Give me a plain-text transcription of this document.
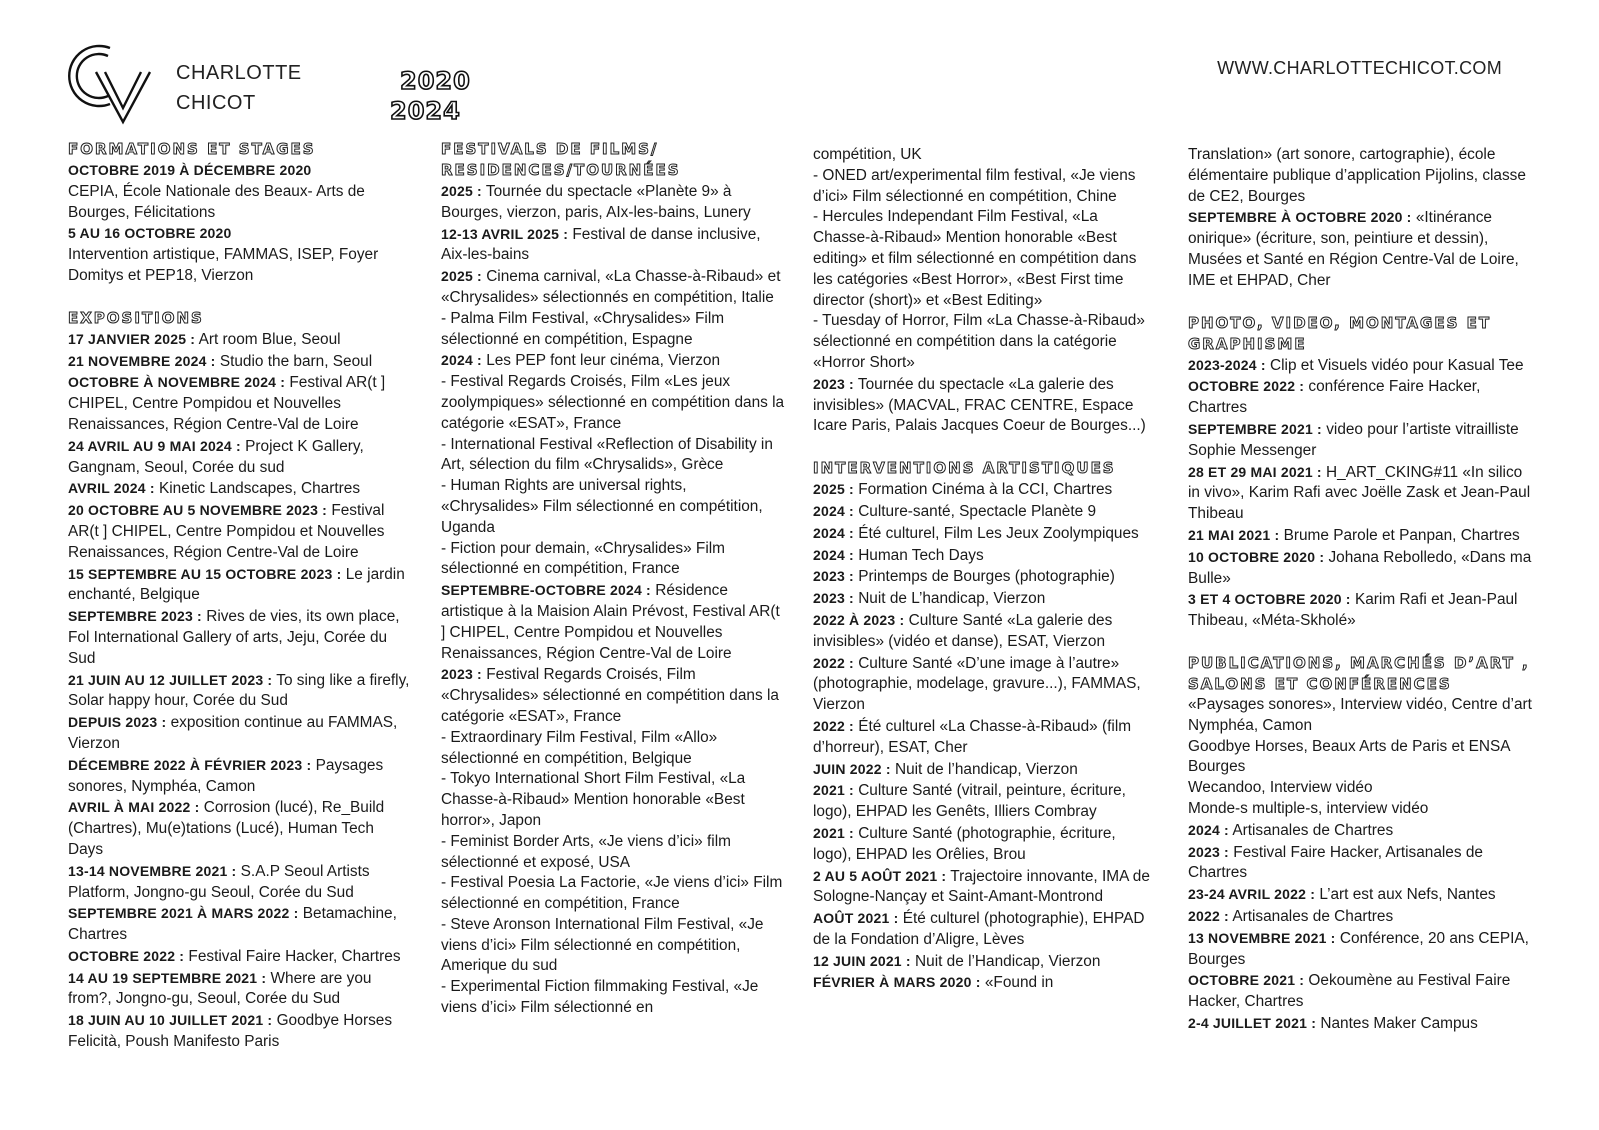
CHARLOTTE
CHICOT
2020
2024
WWW.CHARLOTTECHICOT.COM

FORMATIONS ET STAGES

OCTOBRE 2019 À DÉCEMBRE 2020

CEPIA, École Nationale des Beaux- Arts de Bourges, Félicitations

5 AU 16 OCTOBRE 2020

Intervention artistique, FAMMAS, ISEP, Foyer Domitys et PEP18, Vierzon

EXPOSITIONS

17 JANVIER 2025 : Art room Blue, Seoul

21 NOVEMBRE 2024 : Studio the barn, Seoul

OCTOBRE À NOVEMBRE 2024 : Festival AR(t ] CHIPEL, Centre Pompidou et Nouvelles Renaissances, Région Centre-Val de Loire

24 AVRIL AU 9 MAI 2024 : Project K Gallery, Gangnam, Seoul, Corée du sud

AVRIL 2024 : Kinetic Landscapes, Chartres

20 OCTOBRE AU 5 NOVEMBRE 2023 : Festival AR(t ] CHIPEL, Centre Pompidou et Nouvelles Renaissances, Région Centre-Val de Loire

15 SEPTEMBRE AU 15 OCTOBRE 2023 : Le jardin enchanté, Belgique

SEPTEMBRE 2023 : Rives de vies, its own place, Fol International Gallery of arts, Jeju, Corée du Sud

21 JUIN AU 12 JUILLET 2023 : To sing like a firefly, Solar happy hour, Corée du Sud

DEPUIS 2023 : exposition continue au FAMMAS, Vierzon

DÉCEMBRE 2022 À FÉVRIER 2023 : Paysages sonores, Nymphéa, Camon

AVRIL À MAI 2022 : Corrosion (lucé), Re_Build (Chartres), Mu(e)tations (Lucé), Human Tech Days

13-14 NOVEMBRE 2021 : S.A.P Seoul Artists Platform, Jongno-gu Seoul, Corée du Sud

SEPTEMBRE 2021 À MARS 2022 : Betamachine, Chartres

OCTOBRE 2022 : Festival Faire Hacker, Chartres

14 AU 19 SEPTEMBRE 2021 : Where are you from?, Jongno-gu, Seoul, Corée du Sud

18 JUIN AU 10 JUILLET 2021 : Goodbye Horses Felicità, Poush Manifesto Paris

FESTIVALS DE FILMS/ RESIDENCES/TOURNÉES

2025 : Tournée du spectacle «Planète 9» à Bourges, vierzon, paris, AIx-les-bains, Lunery

12-13 AVRIL 2025 : Festival de danse inclusive, Aix-les-bains

2025 : Cinema carnival, «La Chasse-à-Ribaud» et «Chrysalides» sélectionnés en compétition, Italie

- Palma Film Festival, «Chrysalides» Film sélectionné en compétition, Espagne

2024 : Les PEP font leur cinéma, Vierzon

- Festival Regards Croisés, Film «Les jeux zoolympiques» sélectionné en compétition dans la catégorie «ESAT», France

- International Festival «Reflection of Disability in Art, sélection du film «Chrysalids», Grèce

- Human Rights are universal rights, «Chrysalides» Film sélectionné en compétition, Uganda

- Fiction pour demain, «Chrysalides» Film sélectionné en compétition, France

SEPTEMBRE-OCTOBRE 2024 : Résidence artistique à la Maision Alain Prévost, Festival AR(t ] CHIPEL, Centre Pompidou et Nouvelles Renaissances, Région Centre-Val de Loire

2023 : Festival Regards Croisés, Film «Chrysalides» sélectionné en compétition dans la catégorie «ESAT», France

- Extraordinary Film Festival, Film «Allo» sélectionné en compétition, Belgique

- Tokyo International Short Film Festival, «La Chasse-à-Ribaud» Mention honorable «Best horror», Japon

- Feminist Border Arts, «Je viens d’ici» film sélectionné et exposé, USA

- Festival Poesia La Factorie, «Je viens d’ici» Film sélectionné en compétition, France

- Steve Aronson International Film Festival, «Je viens d’ici» Film sélectionné en compétition, Amerique du sud

- Experimental Fiction filmmaking Festival, «Je viens d’ici» Film sélectionné en

compétition, UK

- ONED art/experimental film festival, «Je viens d’ici» Film sélectionné en compétition, Chine

- Hercules Independant Film Festival, «La Chasse-à-Ribaud» Mention honorable «Best editing» et film sélectionné en compétition dans les catégories «Best Horror», «Best First time director (short)» et «Best Editing»

- Tuesday of Horror, Film «La Chasse-à-Ribaud» sélectionné en compétition dans la catégorie «Horror Short»

2023 : Tournée du spectacle «La galerie des invisibles» (MACVAL, FRAC CENTRE, Espace Icare Paris, Palais Jacques Coeur de Bourges...)

INTERVENTIONS ARTISTIQUES

2025 : Formation Cinéma à la CCI, Chartres

2024 : Culture-santé, Spectacle Planète 9

2024 : Été culturel, Film Les Jeux Zoolympiques

2024 : Human Tech Days

2023 : Printemps de Bourges (photographie)

2023 : Nuit de L’handicap, Vierzon

2022 À 2023 : Culture Santé «La galerie des invisibles» (vidéo et danse), ESAT, Vierzon

2022 : Culture Santé «D’une image à l’autre» (photographie, modelage, gravure...), FAMMAS, Vierzon

2022 : Été culturel «La Chasse-à-Ribaud» (film d’horreur), ESAT, Cher

JUIN 2022 : Nuit de l’handicap, Vierzon

2021 : Culture Santé (vitrail, peinture, écriture, logo), EHPAD les Genêts, Illiers Combray

2021 : Culture Santé (photographie, écriture, logo), EHPAD les Orêlies, Brou

2 AU 5 AOÛT 2021 : Trajectoire innovante, IMA de Sologne-Nançay et Saint-Amant-Montrond

AOÛT 2021 : Été culturel (photographie), EHPAD de la Fondation d’Aligre, Lèves

12 JUIN 2021 : Nuit de l’Handicap, Vierzon

FÉVRIER À MARS 2020 : «Found in

Translation» (art sonore, cartographie), école élémentaire publique d’application Pijolins, classe de CE2, Bourges

SEPTEMBRE À OCTOBRE 2020 : «Itinérance onirique» (écriture, son, peintiure et dessin), Musées et Santé en Région Centre-Val de Loire, IME et EHPAD, Cher

PHOTO, VIDEO, MONTAGES ET GRAPHISME

2023-2024 : Clip et Visuels vidéo pour Kasual Tee

OCTOBRE 2022 : conférence Faire Hacker, Chartres

SEPTEMBRE 2021 : video pour l’artiste vitrailliste Sophie Messenger

28 ET 29 MAI 2021 : H_ART_CKING#11 «In silico in vivo», Karim Rafi avec Joëlle Zask et Jean-Paul Thibeau

21 MAI 2021 : Brume Parole et Panpan, Chartres

10 OCTOBRE 2020 : Johana Rebolledo, «Dans ma Bulle»

3 ET 4 OCTOBRE 2020 : Karim Rafi et Jean-Paul Thibeau, «Méta-Skholé»

PUBLICATIONS, MARCHÉS D’ART , SALONS ET CONFÉRENCES

«Paysages sonores», Interview vidéo, Centre d’art Nymphéa, Camon

Goodbye Horses, Beaux Arts de Paris et ENSA Bourges

Wecandoo, Interview vidéo

Monde-s multiple-s, interview vidéo

2024 : Artisanales de Chartres

2023 : Festival Faire Hacker, Artisanales de Chartres

23-24 AVRIL 2022 : L’art est aux Nefs, Nantes

2022 : Artisanales de Chartres

13 NOVEMBRE 2021 : Conférence, 20 ans CEPIA, Bourges

OCTOBRE 2021 : Oekoumène au Festival Faire Hacker, Chartres

2-4 JUILLET 2021 : Nantes Maker Campus
